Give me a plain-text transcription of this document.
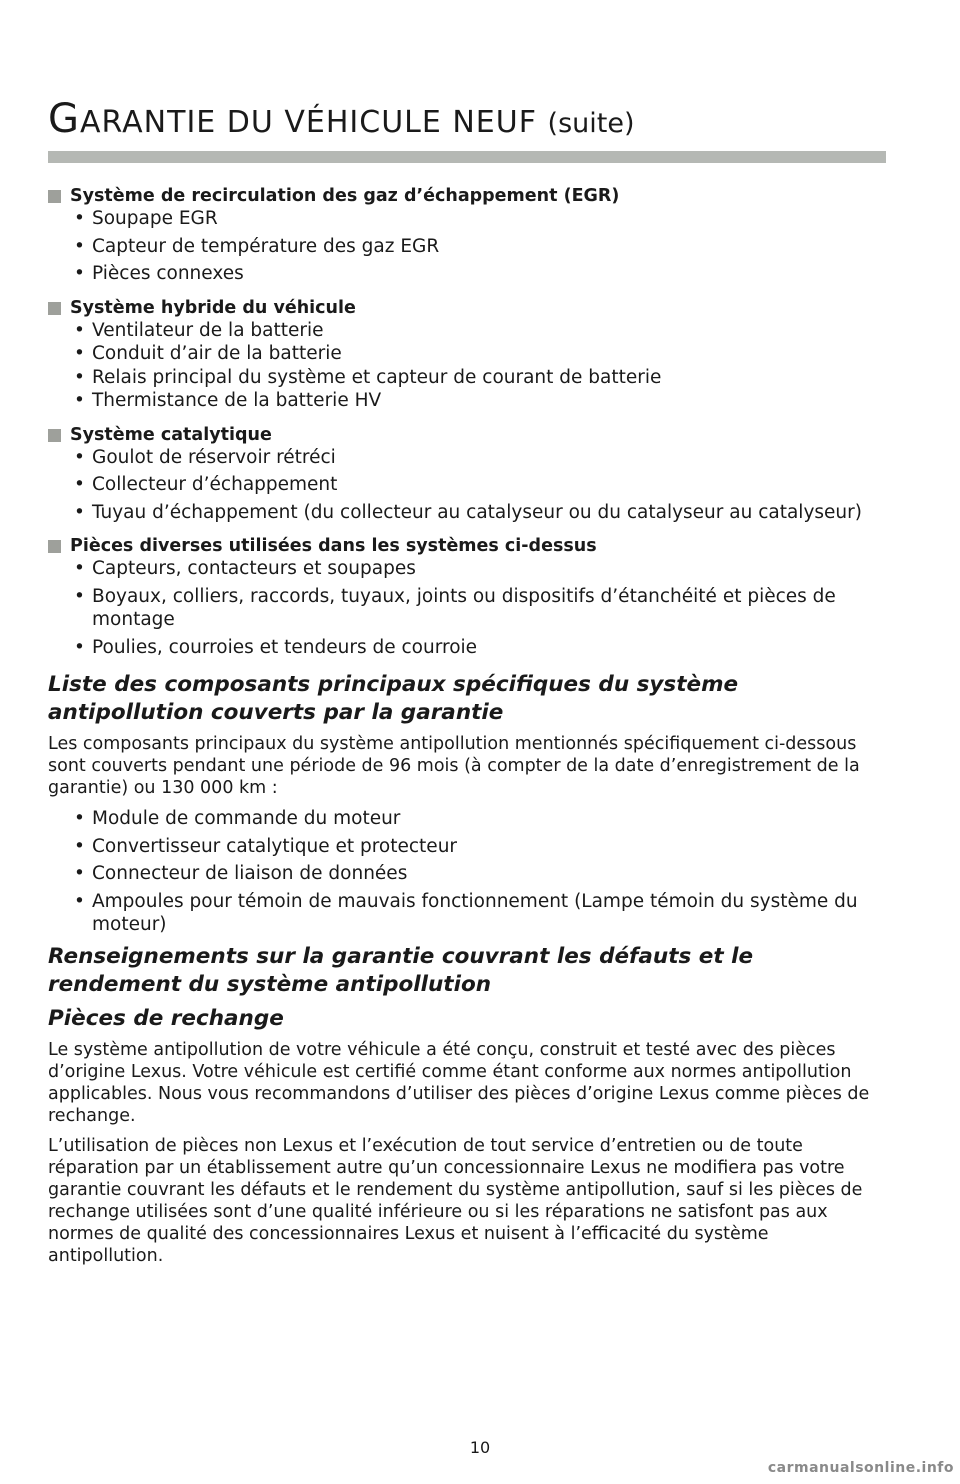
GARANTIE DU VÉHICULE NEUF (suite)
Système de recirculation des gaz d’échappement (EGR)
• Soupape EGR
• Capteur de température des gaz EGR
• Pièces connexes
Système hybride du véhicule
• Ventilateur de la batterie
• Conduit d’air de la batterie
• Relais principal du système et capteur de courant de batterie
• Thermistance de la batterie HV
Système catalytique
• Goulot de réservoir rétréci
• Collecteur d’échappement
• Tuyau d’échappement (du collecteur au catalyseur ou du catalyseur au catalyseur)
Pièces diverses utilisées dans les systèmes ci-dessus
• Capteurs, contacteurs et soupapes
• Boyaux, colliers, raccords, tuyaux, joints ou dispositifs d’étanchéité et pièces de montage
• Poulies, courroies et tendeurs de courroie
Liste des composants principaux spécifiques du système antipollution couverts par la garantie

Les composants principaux du système antipollution mentionnés spécifiquement ci-dessous sont couverts pendant une période de 96 mois (à compter de la date d’enregistrement de la garantie) ou 130 000 km :

• Module de commande du moteur
• Convertisseur catalytique et protecteur
• Connecteur de liaison de données
• Ampoules pour témoin de mauvais fonctionnement (Lampe témoin du système du moteur)
Renseignements sur la garantie couvrant les défauts et le rendement du système antipollution
Pièces de rechange

Le système antipollution de votre véhicule a été conçu, construit et testé avec des pièces d’origine Lexus. Votre véhicule est certifié comme étant conforme aux normes antipollution applicables. Nous vous recommandons d’utiliser des pièces d’origine Lexus comme pièces de rechange.

L’utilisation de pièces non Lexus et l’exécution de tout service d’entretien ou de toute réparation par un établissement autre qu’un concessionnaire Lexus ne modifiera pas votre garantie couvrant les défauts et le rendement du système antipollution, sauf si les pièces de rechange utilisées sont d’une qualité inférieure ou si les réparations ne satisfont pas aux normes de qualité des concessionnaires Lexus et nuisent à l’efficacité du système antipollution.

10
carmanualsonline.info
